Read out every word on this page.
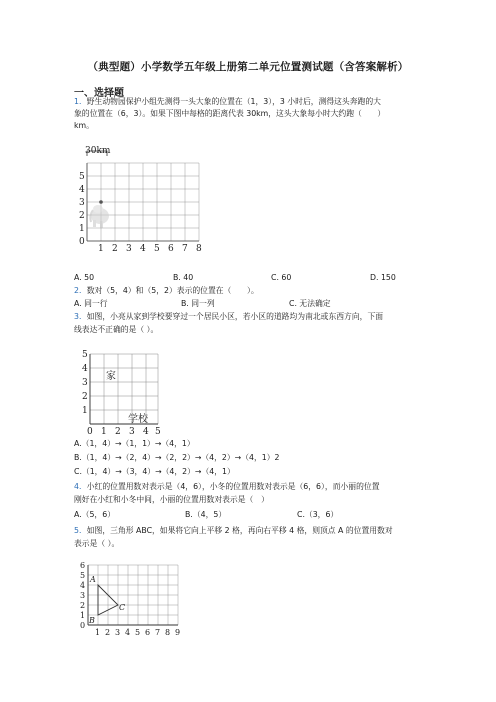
（典型题）小学数学五年级上册第二单元位置测试题（含答案解析）
一、选择题
1．野生动物园保护小组先测得一头大象的位置在（1，3），3 小时后，测得这头奔跑的大
象的位置在（6，3）。如果下图中每格的距离代表 30km，这头大象每小时大约跑（　　）
km。
30km
5
4
3
2
1
0
1 2 3 4 5 6 7 8
A. 50	B. 40	C. 60	D. 150
2．数对（5，4）和（5，2）表示的位置在（　　）。
A. 同一行	B. 同一列	C. 无法确定
3．如图，小亮从家到学校要穿过一个居民小区，若小区的道路均为南北或东西方向，下面
线表达不正确的是（ ）。
5
4
3
2
1
0 1 2 3 4 5
家
学校
A.（1，4）→（1，1）→（4，1）
B.（1，4）→（2，4）→（2，2）→（4，2）→（4，1）2
C.（1，4）→（3，4）→（4，2）→（4，1）
4．小红的位置用数对表示是（4，6），小冬的位置用数对表示是（6，6），而小丽的位置
刚好在小红和小冬中间，小丽的位置用数对表示是（　）
A.（5，6）	B.（4，5）	C.（3，6）
5．如图，三角形 ABC，如果将它向上平移 2 格，再向右平移 4 格，则顶点 A 的位置用数对
表示是（ ）。
A
B
C
6
5
4
3
2
1
0
1 2 3 4 5 6 7 8 9
